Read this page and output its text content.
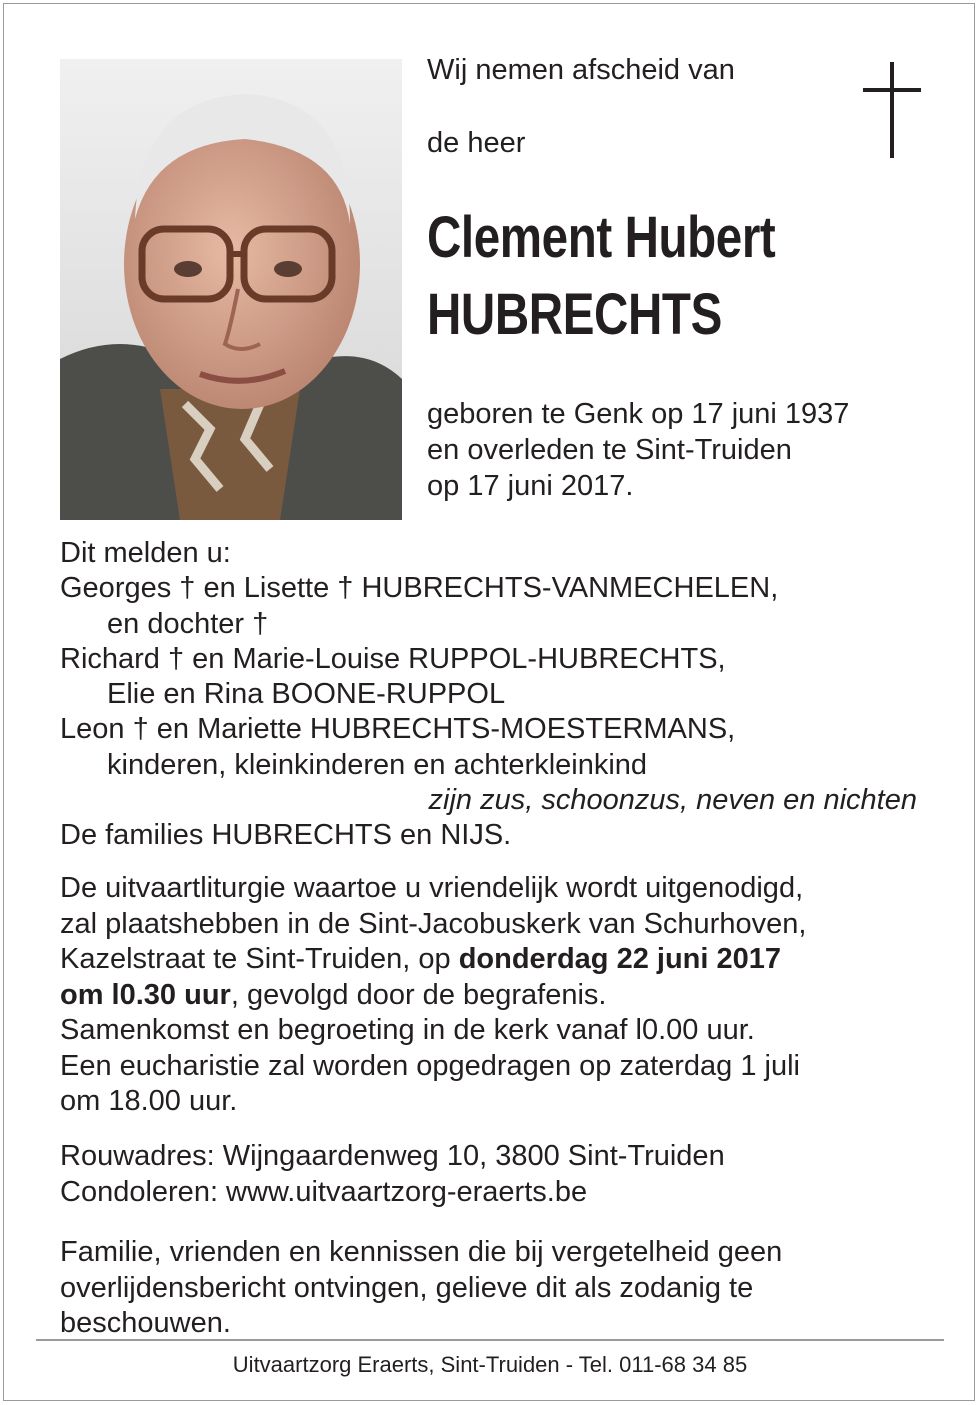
Wij nemen afscheid van
de heer
Clement Hubert
HUBRECHTS
geboren te Genk op 17 juni 1937
en overleden te Sint-Truiden
op 17 juni 2017.
Dit melden u:
Georges † en Lisette † HUBRECHTS-VANMECHELEN,
en dochter †
Richard † en Marie-Louise RUPPOL-HUBRECHTS,
Elie en Rina BOONE-RUPPOL
Leon † en Mariette HUBRECHTS-MOESTERMANS,
kinderen, kleinkinderen en achterkleinkind
zijn zus, schoonzus, neven en nichten
De families HUBRECHTS en NIJS.
De uitvaartliturgie waartoe u vriendelijk wordt uitgenodigd,
zal plaatshebben in de Sint-Jacobuskerk van Schurhoven,
Kazelstraat te Sint-Truiden, op donderdag 22 juni 2017
om l0.30 uur, gevolgd door de begrafenis.
Samenkomst en begroeting in de kerk vanaf l0.00 uur.
Een eucharistie zal worden opgedragen op zaterdag 1 juli
om 18.00 uur.
Rouwadres: Wijngaardenweg 10, 3800 Sint-Truiden
Condoleren: www.uitvaartzorg-eraerts.be
Familie, vrienden en kennissen die bij vergetelheid geen
overlijdensbericht ontvingen, gelieve dit als zodanig te
beschouwen.
Uitvaartzorg Eraerts, Sint-Truiden - Tel. 011-68 34 85
